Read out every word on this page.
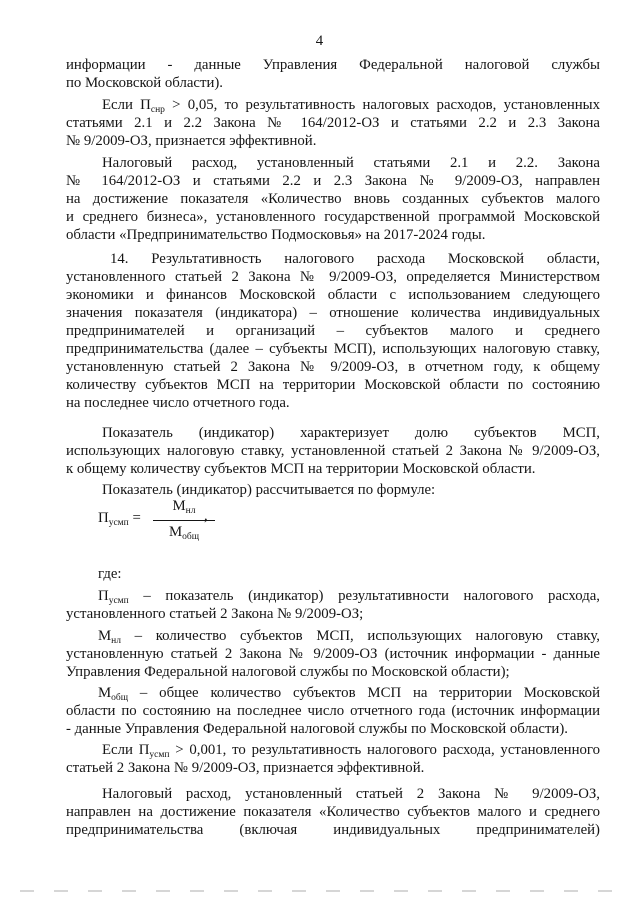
4
информации - данные Управления Федеральной налоговой службы
по Московской области).
Если $П_{снр} > 0,05$, то результативность налоговых расходов, установленных
статьями 2.1 и 2.2 Закона № 164/2012-ОЗ и статьями 2.2 и 2.3 Закона
№ 9/2009-ОЗ, признается эффективной.
Налоговый расход, установленный статьями 2.1 и 2.2. Закона
№ 164/2012-ОЗ и статьями 2.2 и 2.3 Закона № 9/2009-ОЗ, направлен
на достижение показателя «Количество вновь созданных субъектов малого
и среднего бизнеса», установленного государственной программой Московской
области «Предпринимательство Подмосковья» на 2017-2024 годы.
14. Результативность налогового расхода Московской области,
установленного статьей 2 Закона № 9/2009-ОЗ, определяется Министерством
экономики и финансов Московской области с использованием следующего
значения показателя (индикатора) – отношение количества индивидуальных
предпринимателей и организаций – субъектов малого и среднего
предпринимательства (далее – субъекты МСП), использующих налоговую ставку,
установленную статьей 2 Закона № 9/2009-ОЗ, в отчетном году, к общему
количеству субъектов МСП на территории Московской области по состоянию
на последнее число отчетного года.
Показатель (индикатор) характеризует долю субъектов МСП,
использующих налоговую ставку, установленной статьей 2 Закона № 9/2009-ОЗ,
к общему количеству субъектов МСП на территории Московской области.
Показатель (индикатор) рассчитывается по формуле:
$П_{усмп}$ =
$М_{нл}$
$М_{общ}$
,
где:
$П_{усмп}$ – показатель (индикатор) результативности налогового расхода,
установленного статьей 2 Закона № 9/2009-ОЗ;
$М_{нл}$ – количество субъектов МСП, использующих налоговую ставку,
установленную статьей 2 Закона № 9/2009-ОЗ (источник информации - данные
Управления Федеральной налоговой службы по Московской области);
$М_{общ}$ – общее количество субъектов МСП на территории Московской
области по состоянию на последнее число отчетного года (источник информации
- данные Управления Федеральной налоговой службы по Московской области).
Если $П_{усмп} > 0,001$, то результативность налогового расхода, установленного
статьей 2 Закона № 9/2009-ОЗ, признается эффективной.
Налоговый расход, установленный статьей 2 Закона № 9/2009-ОЗ,
направлен на достижение показателя «Количество субъектов малого и среднего
предпринимательства (включая индивидуальных предпринимателей)
